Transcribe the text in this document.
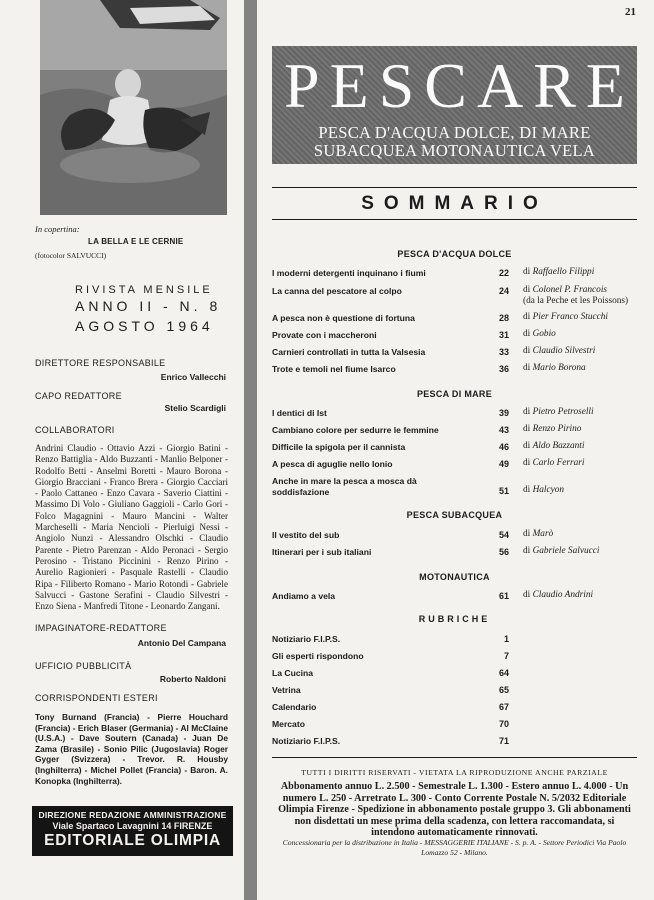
21
In copertina:
LA BELLA E LE CERNIE
(fotocolor SALVUCCI)
RIVISTA MENSILE
ANNO II - N. 8
AGOSTO 1964
DIRETTORE RESPONSABILE
Enrico Vallecchi
CAPO REDATTORE
Stelio Scardigli
COLLABORATORI
Andrini Claudio - Ottavio Azzi - Giorgio Batini - Renzo Battiglia - Aldo Buzzanti - Manlio Belponer - Rodolfo Betti - Anselmi Boretti - Mauro Borona - Giorgio Bracciani - Franco Brera - Giorgio Cacciari - Paolo Cattaneo - Enzo Cavara - Saverio Ciattini - Massimo Di Volo - Giuliano Gaggioli - Carlo Gori - Folco Magagnini - Mauro Mancini - Walter Marcheselli - Maria Nencioli - Pierluigi Nessi - Angiolo Nunzi - Alessandro Olschki - Claudio Parente - Pietro Parenzan - Aldo Peronaci - Sergio Perosino - Tristano Piccinini - Renzo Pirino - Aurelio Ragionieri - Pasquale Rastelli - Claudio Ripa - Filiberto Romano - Mario Rotondi - Gabriele Salvucci - Gastone Serafini - Claudio Silvestri - Enzo Siena - Manfredi Titone - Leonardo Zangani.
IMPAGINATORE-REDATTORE
Antonio Del Campana
UFFICIO PUBBLICITÀ
Roberto Naldoni
CORRISPONDENTI ESTERI
Tony Burnand (Francia) - Pierre Houchard (Francia) - Erich Blaser (Germania) - Al McClaine (U.S.A.) - Dave Soutern (Canada) - Juan De Zama (Brasile) - Sonio Pilic (Jugoslavia) Roger Gyger (Svizzera) - Trevor. R. Housby (Inghilterra) - Michel Pollet (Francia) - Baron. A. Konopka (Inghilterra).
DIREZIONE REDAZIONE AMMINISTRAZIONE
Viale Spartaco Lavagnini 14 FIRENZE
EDITORIALE OLIMPIA
PESCARE
PESCA D'ACQUA DOLCE, DI MARE
SUBACQUEA MOTONAUTICA VELA
SOMMARIO
PESCA D'ACQUA DOLCE
I moderni detergenti inquinano i fiumi	22 di Raffaello Filippi
La canna del pescatore al colpo	24 di Colonel P. Francois
(da la Peche et les Poissons)
A pesca non è questione di fortuna	28 di Pier Franco Stucchi
Provate con i maccheroni	31 di Gobio
Carnieri controllati in tutta la Valsesia	33 di Claudio Silvestri
Trote e temoli nel fiume Isarco	36 di Mario Borona
PESCA DI MARE
I dentici di Ist	39 di Pietro Petroselli
Cambiano colore per sedurre le femmine	43 di Renzo Pirino
Difficile la spigola per il cannista	46 di Aldo Bazzanti
A pesca di aguglie nello Ionio	49 di Carlo Ferrari
Anche in mare la pesca a mosca dà soddisfazione	51 di Halcyon
PESCA SUBACQUEA
Il vestito del sub	54 di Marò
Itinerari per i sub italiani	56 di Gabriele Salvucci
MOTONAUTICA
Andiamo a vela	61 di Claudio Andrini
RUBRICHE
Notiziario F.I.P.S.	1
Gli esperti rispondono	7
La Cucina	64
Vetrina	65
Calendario	67
Mercato	70
Notiziario F.I.P.S.	71
TUTTI I DIRITTI RISERVATI - VIETATA LA RIPRODUZIONE ANCHE PARZIALE
Abbonamento annuo L. 2.500 - Semestrale L. 1.300 - Estero annuo L. 4.000 - Un numero L. 250 - Arretrato L. 300 - Conto Corrente Postale N. 5/2032 Editoriale Olimpia Firenze - Spedizione in abbonamento postale gruppo 3. Gli abbonamenti non disdettati un mese prima della scadenza, con lettera raccomandata, si intendono automaticamente rinnovati.
Concessionaria per la distribuzione in Italia - MESSAGGERIE ITALIANE - S. p. A. - Settore Periodici Via Paolo Lomazzo 52 - Milano.
